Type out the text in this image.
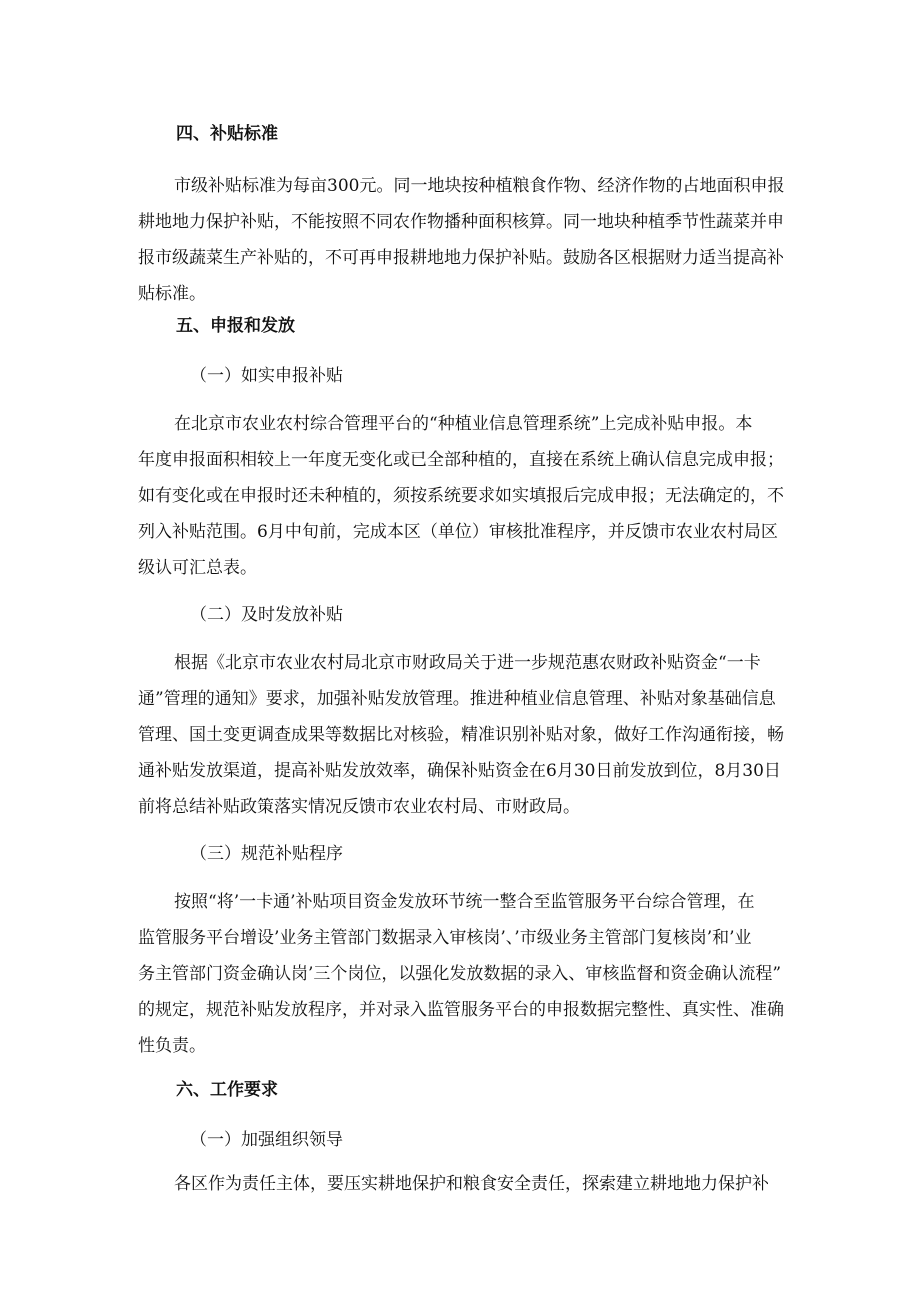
四、补贴标准
市级补贴标准为每亩300元。同一地块按种植粮食作物、经济作物的占地面积申报
耕地地力保护补贴，不能按照不同农作物播种面积核算。同一地块种植季节性蔬菜并申
报市级蔬菜生产补贴的，不可再申报耕地地力保护补贴。鼓励各区根据财力适当提高补
贴标准。
五、申报和发放
（一）如实申报补贴
在北京市农业农村综合管理平台的“种植业信息管理系统”上完成补贴申报。本
年度申报面积相较上一年度无变化或已全部种植的，直接在系统上确认信息完成申报；
如有变化或在申报时还未种植的，须按系统要求如实填报后完成申报；无法确定的，不
列入补贴范围。6月中旬前，完成本区（单位）审核批准程序，并反馈市农业农村局区
级认可汇总表。
（二）及时发放补贴
根据《北京市农业农村局北京市财政局关于进一步规范惠农财政补贴资金“一卡
通”管理的通知》要求，加强补贴发放管理。推进种植业信息管理、补贴对象基础信息
管理、国土变更调查成果等数据比对核验，精准识别补贴对象，做好工作沟通衔接，畅
通补贴发放渠道，提高补贴发放效率，确保补贴资金在6月30日前发放到位，8月30日
前将总结补贴政策落实情况反馈市农业农村局、市财政局。
（三）规范补贴程序
按照“将’一卡通’补贴项目资金发放环节统一整合至监管服务平台综合管理，在
监管服务平台增设’业务主管部门数据录入审核岗’、’市级业务主管部门复核岗’和’业
务主管部门资金确认岗’三个岗位，以强化发放数据的录入、审核监督和资金确认流程”
的规定，规范补贴发放程序，并对录入监管服务平台的申报数据完整性、真实性、准确
性负责。
六、工作要求
（一）加强组织领导
各区作为责任主体，要压实耕地保护和粮食安全责任，探索建立耕地地力保护补
